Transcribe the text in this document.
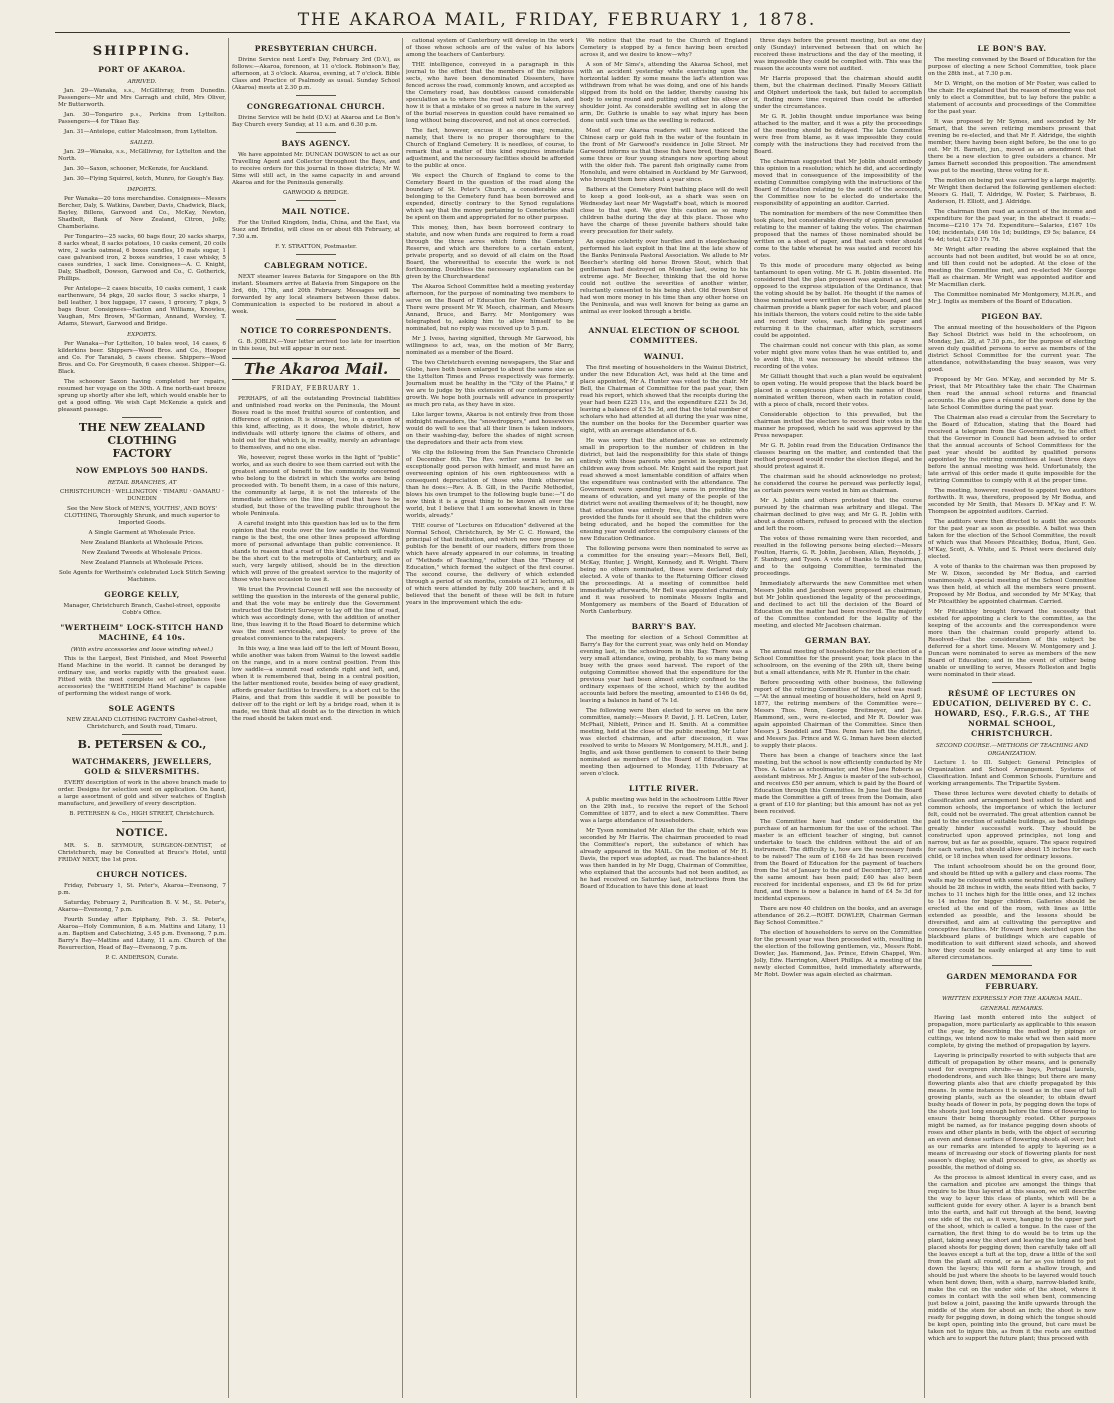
THE AKAROA MAIL, FRIDAY, FEBRUARY 1, 1878.
SHIPPING.
PORT OF AKAROA.
ARRIVED.

Jan. 29—Wanaka, s.s., McGillivray, from Dunedin. Passengers—Mr and Mrs Carragh and child, Mrs Oliver, Mr Butterworth.

Jan. 30—Tongariro p.s., Perkins from Lyttelton. Passengers—4 for Tikao Bay.

Jan. 31—Antelope, cutter Malcolmson, from Lyttelton.

SAILED.

Jan. 29—Wanaka, s.s., McGillivray, for Lyttelton and the North.

Jan. 30—Saxon, schooner, McKenzie, for Auckland.

Jan. 30—Flying Squirrel, ketch, Munro, for Gough's Bay.

IMPORTS.

Per Wanaka—20 tons merchandise. Consignees—Messrs Bercher, Daly, S. Watkins, Dawber, Davis, Chadwick, Black, Bayley, Billens, Garwood and Co., McKay, Newton, Shadbolt, Bank of New Zealand, Citron, Jolly, Chamberlaine.

Per Tongariro—25 sacks, 60 bags flour, 20 sacks sharps, 8 sacks wheat, 8 sacks potatoes, 10 casks cement, 20 coils wire, 2 sacks oatmeal, 6 boxes candles, 10 mats sugar, 1 case galvanised iron, 2 boxes sundries, 1 case whisky, 5 cases sundries, 1 sack lime. Consignees—A. C. Knight, Daly, Shadbolt, Dowson, Garwood and Co., C. Gotherick, Phillips.

Per Antelope—2 cases biscuits, 10 casks cement, 1 cask earthenware, 54 pkgs, 20 sacks flour, 3 sacks sharps, 1 bell leather, 1 box luggage, 17 cases, 1 grocery, 7 pkgs, 5 bags flour. Consignees—Saxton and Williams, Knowles, Vaughan, Mrs Brown, M'Gorman, Annand, Worsley, T. Adams, Stewart, Garwood and Bridge.

EXPORTS.

Per Wanaka—For Lyttelton, 10 bales wool, 14 cases, 6 kilderkins beer. Shippers—Wood Bros. and Co., Hooper and Co. For Taranaki, 5 cases cheese. Shippers—Wood Bros. and Co. For Greymouth, 6 cases cheese. Shipper—G. Black.

The schooner Saxon having completed her repairs, resumed her voyage on the 30th. A fine north-east breeze sprung up shortly after she left, which would enable her to get a good offing. We wish Capt McKenzie a quick and pleasant passage.

THE NEW ZEALAND CLOTHING
FACTORY
NOW EMPLOYS 500 HANDS.
RETAIL BRANCHES, AT

CHRISTCHURCH · WELLINGTON · TIMARU · OAMARU · DUNEDIN

See the New Stock of MEN'S, YOUTHS', AND BOYS' CLOTHING, Thoroughly Shrunk, and much superior to Imported Goods.

A Single Garment at Wholesale Price.

New Zealand Blankets at Wholesale Prices.

New Zealand Tweeds at Wholesale Prices.

New Zealand Flannels at Wholesale Prices.

Sole Agents for Wertheim's celebrated Lock Stitch Sewing Machines.

GEORGE KELLY,

Manager, Christchurch Branch, Cashel-street, opposite Cobb's Office.

"WERTHEIM" LOCK-STITCH HAND MACHINE, £4 10s.
(With extra accessories and loose winding wheel.)

This is the Largest, Best Finished, and Most Powerful Hand Machine in the world. It cannot be deranged by ordinary use, and works rapidly with the greatest ease. Fitted with the most complete set of appliances (see accessories) the "WERTHEIM Hand Machine" is capable of performing the widest range of work.

SOLE AGENTS

NEW ZEALAND CLOTHING FACTORY Cashel-street, Christchurch, and South road, Timaru.

B. PETERSEN & CO.,
WATCHMAKERS, JEWELLERS, GOLD & SILVERSMITHS.

EVERY description of work in the above branch made to order. Designs for selection sent on application. On hand, a large assortment of gold and silver watches of English manufacture, and jewellery of every description.

B. PETERSEN & Co., HIGH STREET, Christchurch.

NOTICE.

MR. S. B. SEYMOUR, SURGEON-DENTIST, of Christchurch, may be Consulted at Bruce's Hotel, until FRIDAY NEXT, the 1st prox.

CHURCH NOTICES.

Friday, February 1, St. Peter's, Akaroa—Evensong, 7 p.m.

Saturday, February 2, Purification B. V. M., St. Peter's, Akaroa—Evensong, 7 p.m.

Fourth Sunday after Epiphany, Feb. 3. St. Peter's, Akaroa—Holy Communion, 8 a.m. Mattins and Litany, 11 a.m. Baptism and Catechizing, 3.45 p.m. Evensong, 7 p.m. Barry's Bay—Mattins and Litany, 11 a.m. Church of the Resurrection, Head of Bay—Evensong, 7 p.m.

P. C. ANDERSON, Curate.

PRESBYTERIAN CHURCH.

Divine Service next Lord's Day, February 3rd (D.V.), as follows:—Akaroa, forenoon, at 11 o'clock. Robinson's Bay, afternoon, at 3 o'clock. Akaroa, evening, at 7 o'clock. Bible Class and Practice of Psalmody as usual. Sunday School (Akaroa) meets at 2.30 p.m.

CONGREGATIONAL CHURCH.

Divine Service will be held (D.V.) at Akaroa and Le Bon's Bay Church every Sunday, at 11 a.m. and 6.30 p.m.

BAYS AGENCY.

We have appointed Mr. DUNCAN DOWSON to act as our Travelling Agent and Collector throughout the Bays, and to receive orders for this journal in those districts; Mr W. Sims will still act, in the same capacity in and around Akaroa and for the Peninsula generally.

GARWOOD & BRIDGE.

MAIL NOTICE.

For the United Kingdom, India, China, and the East, via Suez and Brindisi, will close on or about 6th February, at 7.30 a.m.

F. Y. STRATTON, Postmaster.

CABLEGRAM NOTICE.

NEXT steamer leaves Batavia for Singapore on the 8th instant. Steamers arrive at Batavia from Singapore on the 3rd, 6th, 17th, and 20th February. Messages will be forwarded by any local steamers between these dates. Communication is expected to be restored in about a week.

NOTICE TO CORRESPONDENTS.

G. B. JOBLIN.—Your letter arrived too late for insertion in this issue, but will appear in our next.

The Akaroa Mail.
FRIDAY, FEBRUARY 1.

PERHAPS, of all the outstanding Provincial liabilities and unfinished road works on the Peninsula, the Mount Bossu road is the most fruitful source of contention, and difference of opinion. It is strange, too, in a question of this kind, affecting, as it does, the whole district, how individuals will utterly ignore the claims of others, and hold out for that which is, in reality, merely an advantage to themselves, and no one else.

We, however, regret these works in the light of "public" works, and as such desire to see them carried out with the greatest amount of benefit to the community concerned who belong to the district in which the works are being proceeded with. To benefit them, in a case of this nature, the community at large, it is not the interests of the immediate settlers on the line of road that have to be studied, but those of the travelling public throughout the whole Peninsula.

A careful insight into this question has led us to the firm opinion that the route over the low saddle in the Wainui range is the best, the one other lines proposed affording more of personal advantage than public convenience. It stands to reason that a road of this kind, which will really be the short cut to the metropolis of Canterbury, and as such, very largely utilised, should be in the direction which will prove of the greatest service to the majority of those who have occasion to use it.

We trust the Provincial Council will see the necessity of settling the question in the interests of the general public, and that the vote may be entirely due the Government instructed the District Surveyor to lay off the line of road, which was accordingly done, with the addition of another line, thus leaving it to the Road Board to determine which was the most serviceable, and likely to prove of the greatest convenience to the ratepayers.

In this way, a line was laid off to the left of Mount Bossu, while another was taken from Wainui to the lowest saddle on the range, and in a more central position. From this low saddle—a summit road extends right and left, and, when it is remembered that, being in a central position, the latter mentioned route, besides being of easy gradient, affords greater facilities to travellers, is a short cut to the Plains, and that from this saddle it will be possible to deliver off to the right or left by a bridge road, when it is made, we think that all doubt as to the direction in which the road should be taken must end.

cational system of Canterbury will develop in the work of those whose schools are of the value of his labors among the teachers of Canterbury.

THE intelligence, conveyed in a paragraph in this journal to the effect that the members of the religious sects, who have been denominated Dissenters, have fenced across the road, commonly known, and accepted as the Cemetery road, has doubtless caused considerable speculation as to where the road will now be taken, and how it is that a mistake of so gross a nature in the survey of the burial reserves in question could have remained so long without being discovered, and not at once corrected.

The fact, however, excuse it as one may, remains, namely, that there is no proper thoroughfare to the Church of England Cemetery. It is needless, of course, to remark that a matter of this kind requires immediate adjustment, and the necessary facilities should be afforded to the public at once.

We expect the Church of England to come to the Cemetery Board in the question of the road along the boundary of St. Peter's Church, a considerable area belonging to the Cemetery fund has been borrowed and expended, directly contrary to the Synod regulations which say that the money pertaining to Cemeteries shall be spent on them and appropriated for no other purpose.

This money, then, has been borrowed contrary to statute, and now when funds are required to form a road through the three acres which form the Cemetery Reserve, and which are therefore to a certain extent, private property, and so devoid of all claim on the Road Board, the wherewithal to execute the work is not forthcoming. Doubtless the necessary explanation can be given by the Churchwardens!

The Akaroa School Committee held a meeting yesterday afternoon, for the purpose of nominating two members to serve on the Board of Education for North Canterbury. There were present Mr W. Meech, chairman, and Messrs Annand, Bruce, and Barry. Mr Montgomery was telegraphed to, asking him to allow himself to be nominated, but no reply was received up to 5 p.m.

Mr J. Ivess, having signified, through Mr Garwood, his willingness to act, was, on the motion of Mr Barry, nominated as a member of the Board.

The two Christchurch evening newspapers, the Star and Globe, have both been enlarged to about the same size as the Lyttelton Times and Press respectively was formerly. Journalism must be healthy in the "City of the Plains," if we are to judge by this extension of our contemporaries' growth. We hope both journals will advance in prosperity as much pro rata, as they have in size.

Like larger towns, Akaroa is not entirely free from those midnight marauders, the "snowdroppers," and housewives would do well to see that all their linen is taken indoors, on their washing-day, before the shades of night screen the depredators and their acts from view.

We clip the following from the San Francisco Chronicle of December 6th. The Rev. writer seems to be an exceptionally good person with himself, and must have an overweening opinion of his own righteousness with a consequent depreciation of those who think otherwise than he does:—Rev. A. B. Gill, in the Pacific Methodist, blows his own trumpet to the following bugle tune:—"I do now think it is a great thing to be known all over the world, but I believe that I am somewhat known in three worlds, already."

THE course of "Lectures on Education" delivered at the Normal School, Christchurch, by Mr C. C. Howard, the principal of that institution, and which we now propose to publish for the benefit of our readers, differs from those which have already appeared in our columns, in treating of "Methods of Teaching," rather than the "Theory of Education," which formed the subject of the first course. The second course, the delivery of which extended through a period of six months, consists of 21 lectures, all of which were attended by fully 200 teachers, and it is believed that the benefit of these will be felt in future years in the improvement which the edu-

We notice that the road to the Church of England Cemetery is stopped by a fence having been erected across it, and we desire to know—why?

A son of Mr Sims's, attending the Akaroa School, met with an accident yesterday while exercising upon the horizontal ladder. By some means the lad's attention was withdrawn from what he was doing, and one of his hands slipped from its hold on the ladder, thereby causing his body to swing round and putting out either his elbow or shoulder joint. As considerable swelling set in along the arm, Dr. Guthrie is unable to say what injury has been done until such time as the swelling is reduced.

Most of our Akaroa readers will have noticed the Chinese carp or gold fish in the water of the fountain in the front of Mr Garwood's residence in Jolie Street. Mr Garwood informs us that these fish have bred, there being some three or four young strangers now sporting about with the older fish. The parent fish originally came from Honolulu, and were obtained in Auckland by Mr Garwood, who brought them here about a year since.

Bathers at the Cemetery Point bathing place will do well to keep a good look-out, as a shark was seen on Wednesday last near Mr Wagstaff's boat, which is moored close to that spot. We give this caution as so many children bathe during the day at this place. Those who have the charge of these juvenile bathers should take every precaution for their safety.

An equine celebrity over hurdles and in steeplechasing performed his last exploit in that line at the late show of the Banks Peninsula Pastoral Association. We allude to Mr Beecher's sterling old horse Brown Stout, which that gentleman had destroyed on Monday last, owing to his extreme age. Mr Beecher, thinking that the old horse could not outlive the severities of another winter, reluctantly consented to his being shot. Old Brown Stout had won more money in his time than any other horse on the Peninsula, and was well known for being as game an animal as ever looked through a bridle.

ANNUAL ELECTION OF SCHOOL COMMITTEES.
WAINUI.

The first meeting of householders in the Wainui District, under the new Education Act, was held at the time and place appointed, Mr A. Hunter was voted to the chair. Mr Bell, the Chairman of Committee for the past year, then read his report, which showed that the receipts during the year had been £225 11s, and the expenditure £221 5s 3d, leaving a balance of £3 5s 3d, and that the total number of scholars who had attended at all during the year was nine, the number on the books for the December quarter was eight, with an average attendance of 6.6.

He was sorry that the attendance was so extremely small in proportion to the number of children in the district, but laid the responsibility for this state of things entirely with those parents who persist in keeping their children away from school. Mr. Knight said the report just read showed a most lamentable condition of affairs when the expenditure was contrasted with the attendance. The Government were spending large sums in providing the means of education, and yet many of the people of the district were not availing themselves of it; he thought, now that education was entirely free, that the public who provided the funds for it should see that the children were being educated, and he hoped the committee for the ensuing year would enforce the compulsory clauses of the new Education Ordinance.

The following persons were then nominated to serve as a committee for the ensuing year:—Messrs Bell, Bell, McKay, Hunter, J. Wright, Kennedy, and R. Wright. There being no others nominated, these were declared duly elected. A vote of thanks to the Returning Officer closed the proceedings. At a meeting of committee held immediately afterwards, Mr Bell was appointed chairman, and it was resolved to nominate Messrs Inglis and Montgomery as members of the Board of Education of North Canterbury.

BARRY'S BAY.

The meeting for election of a School Committee at Barry's Bay for the current year, was only held on Monday evening last, in the schoolroom in this Bay. There was a very small attendance, owing, probably, to so many being busy with the grass seed harvest. The report of the outgoing Committee showed that the expenditure for the previous year had been almost entirely confined to the ordinary expenses of the school, which by the audited accounts laid before the meeting, amounted to £146 0s 6d, leaving a balance in hand of 7s 1d.

The following were then elected to serve on the new committee, namely:—Messrs P. David, J. H. LeCren, Luter, McPhail, Niblett, Prince and H. Smith. At a committee meeting, held at the close of the public meeting, Mr Luter was elected chairman, and after discussion, it was resolved to write to Messrs W. Montgomery, M.H.R., and J. Inglis, and ask those gentlemen to consent to their being nominated as members of the Board of Education. The meeting then adjourned to Monday, 11th February at seven o'clock.

LITTLE RIVER.

A public meeting was held in the schoolroom Little River on the 29th inst., to receive the report of the School Committee of 1877, and to elect a new Committee. There was a large attendance of householders.

Mr Tyson nominated Mr Allan for the chair, which was seconded by Mr Harris. The chairman proceeded to read the Committee's report, the substance of which has already appeared in the MAIL. On the motion of Mr H. Davis, the report was adopted, as read. The balance-sheet was then handed in by Mr Dugg, Chairman of Committee, who explained that the accounts had not been audited, as he had received on Saturday last, instructions from the Board of Education to have this done at least

three days before the present meeting, but as one day only (Sunday) intervened between that on which he received these instructions and the day of the meeting, it was impossible they could be complied with. This was the reason the accounts were not audited.

Mr Harris proposed that the chairman should audit them, but the chairman declined. Finally Messrs Gilliatt and Olphert undertook the task, but failed to accomplish it, finding more time required than could be afforded under the circumstances.

Mr G. R. Joblin thought undue importance was being attached to the matter, and it was a pity the proceedings of the meeting should be delayed. The late Committee were free from blame, as it was impossible they could comply with the instructions they had received from the Board.

The chairman suggested that Mr Joblin should embody this opinion in a resolution; which he did, and accordingly moved that in consequence of the impossibility of the existing Committee complying with the instructions of the Board of Education relating to the audit of the accounts, the Committee now to be elected do undertake the responsibility of appointing an auditor. Carried.

The nomination for members of the new Committee then took place, but considerable diversity of opinion prevailed relating to the manner of taking the votes. The chairman proposed that the names of those nominated should be written on a sheet of paper, and that each voter should come to the table whereat he was seated and record his votes.

To this mode of procedure many objected as being tantamount to open voting. Mr G. R. Joblin dissented. He considered that the plan proposed was against as it was opposed to the express stipulation of the Ordinance, that the voting should be by ballot. He thought if the names of those nominated were written on the black board, and the chairman provide a blank paper for each voter, and placed his initials thereon, the voters could retire to the side table and record their votes, each folding his paper and returning it to the chairman, after which, scrutineers could be appointed.

The chairman could not concur with this plan, as some voter might give more votes than he was entitled to, and to avoid this, it was necessary he should witness the recording of the votes.

Mr Gilliatt thought that such a plan would be equivalent to open voting. He would propose that the black board be placed in a conspicuous place with the names of those nominated written thereon, when each in rotation could, with a piece of chalk, record their votes.

Considerable objection to this prevailed, but the chairman invited the electors to record their votes in the manner he proposed, which he said was approved by the Press newspaper.

Mr G. R. Joblin read from the Education Ordinance the clauses bearing on the matter, and contended that the method proposed would render the election illegal, and he should protest against it.

The chairman said he should acknowledge no protest; he considered the course he persued was perfectly legal, as certain powers were vested in him as chairman.

Mr A. Joblin and others protested that the course pursued by the chairman was arbitrary and illegal. The chairman declined to give way, and Mr G. R. Joblin with about a dozen others, refused to proceed with the election and left the room.

The votes of those remaining were then recorded, and resulted in the following persons being elected:—Messrs Foulton, Harris, G. R. Joblin, Jacobsen, Allan, Reynolds, J. F. Stanbury, and Tyson. A vote of thanks to the chairman, and to the outgoing Committee, terminated the proceedings.

Immediately afterwards the new Committee met when Messrs Joblin and Jacobson were proposed as chairman, but Mr Joblin questioned the legality of the proceedings, and declined to act till the decision of the Board of Education on the matter had been received. The majority of the Committee contended for the legality of the meeting, and elected Mr Jacobsen chairman.

GERMAN BAY.

The annual meeting of householders for the election of a School Committee for the present year, took place in the schoolroom, on the evening of the 29th ult, there being but a small attendance, with Mr R. Hunter in the chair.

Before proceeding with other business, the following report of the retiring Committee of the school was read:—"At the annual meeting of householders, held on April 9, 1877, the retiring members of the Committee were—Messrs Thos. Penn, George Breitmeyer, and Jas. Hammond, sen., were re-elected, and Mr R. Dowler was again appointed Chairman of the Committee. Since then Messrs J. Snoddell and Thos. Penn have left the district, and Messrs Jas. Prince and W. G. Inman have been elected to supply their places.

There has been a change of teachers since the last meeting, but the school is now efficiently conducted by Mr Thos. A. Gates as schoolmaster, and Miss Jane Roberts as assistant mistress. Mr J. Angus is master of the sub-school, and receives £50 per annum, which is paid by the Board of Education through this Committee. In June last the Board made the Committee a gift of trees from the Domain, also a grant of £10 for planting; but this amount has not as yet been received.

The Committee have had under consideration the purchase of an harmonium for the use of the school. The master is an efficient teacher of singing, but cannot undertake to teach the children without the aid of an instrument. The difficulty is, how are the necessary funds to be raised? The sum of £168 4s 2d has been received from the Board of Education for the payment of teachers from the 1st of January to the end of December, 1877, and the same amount has been paid; £40 has also been received for incidental expenses, and £5 9s 6d for prize fund, and there is now a balance in hand of £4 5s 3d for incidental expenses.

There are now 40 children on the books, and an average attendance of 26.2.—ROBT. DOWLER, Chairman German Bay School Committee."

The election of householders to serve on the Committee for the present year was then proceeded with, resulting in the election of the following gentlemen, viz., Messrs Robt. Dowler, Jas. Hammond, Jas. Prince, Edwin Chappel, Wm. Jolly, Edw. Harrington, Albert Phillips. At a meeting of the newly elected Committee, held immediately afterwards, Mr Robt. Dowler was again elected as chairman.

LE BON'S BAY.

The meeting convened by the Board of Education for the purpose of electing a new School Committee, took place on the 28th inst., at 7.30 p.m.

Mr D. Wright, on the motion of Mr Foster, was called to the chair. He explained that the reason of meeting was not only to elect a Committee, but to lay before the public a statement of accounts and proceedings of the Committee for the past year.

It was proposed by Mr Symes, and seconded by Mr Smart, that the seven retiring members present that evening be re-elected, and that Mr F. Aldridge, the eighth member, there having been eight before, be the one to go out. Mr H. Barnett, jun., moved as an amendment that there be a new election to give outsiders a chance. Mr James Barnett seconded this proposition. The amendment was put to the meeting, three voting for it.

The motion on being put was carried by a large majority. Mr Wright then declared the following gentlemen elected: Messrs G. Hall, T. Aldridge, W. Foster, S. Fairbrass, B. Anderson, H. Elliott, and J. Aldridge.

The chairman then read an account of the income and expenditure for the past year, in the abstract it reads:—Income—£210 17s 7d. Expenditure—Salaries, £167 10s 10d; incidentals, £46 16s 1d; buildings, £9 5s; balance, £4 4s 4d; total, £210 17s 7d.

Mr Wright after reading the above explained that the accounts had not been audited, but would be so at once, and till then could not be adopted. At the close of the meeting the Committee met, and re-elected Mr George Hall as chairman. Mr Wright was appointed auditor and Mr Macmillan clerk.

The Committee nominated Mr Montgomery, M.H.R., and Mr J. Inglis as members of the Board of Education.

PIGEON BAY.

The annual meeting of the householders of the Pigeon Bay School District was held in the schoolroom, on Monday, Jan. 28, at 7.30 p.m., for the purpose of electing seven duly qualified persons to serve as members of the district School Committee for the current year. The attendance, notwithstanding the busy season, was very good.

Proposed by Mr Geo. M'Kay, and seconded by Mr S. Priest, that Mr Pitcaithley take the chair. The Chairman then read the annual school returns and financial accounts. He also gave a résumé of the work done by the late School Committee during the past year.

The Chairman also read a circular from the Secretary to the Board of Education, stating that the Board had received a telegram from the Government, to the effect that the Governor in Council had been advised to order that the annual accounts of School Committees for the past year should be audited by qualified persons appointed by the retiring committees at least three days before the annual meeting was held. Unfortunately, the late arrival of this order made it quite impossible for the retiring Committee to comply with it at the proper time.

The meeting, however, resolved to appoint two auditors forthwith. It was, therefore, proposed by Mr Bodua, and seconded by Mr Smith, that Messrs D. M'Kay and F. W. Thompson be appointed auditors. Carried.

The auditors were then directed to audit the accounts for the past year as soon as possible. A ballot was then taken for the election of the School Committee, the result of which was that Messrs Pitcaithley, Bodua, Hunt, Geo. M'Kay, Scott, A. White, and S. Priest were declared duly elected.

A vote of thanks to the chairman was then proposed by Mr W. Dixon, seconded by Mr Bodua, and carried unanimously. A special meeting of the School Committee was then held, at which all the members were present. Proposed by Mr Bodua, and seconded by Mr M'Kay, that Mr Pitcaithley be appointed chairman. Carried.

Mr Pitcaithley brought forward the necessity that existed for appointing a clerk to the committee, as the keeping of the accounts and the correspondence were more than the chairman could properly attend to. Resolved—that the consideration of this subject be deferred for a short time. Messrs W. Montgomery and J. Duncan were nominated to serve as members of the new Board of Education; and in the event of either being unable or unwilling to serve, Messrs Rolleston and Inglis were nominated in their stead.

RÉSUMÉ OF LECTURES ON EDUCATION, DELIVERED BY C. C. HOWARD, ESQ., F.R.G.S., AT THE NORMAL SCHOOL, CHRISTCHURCH.
SECOND COURSE.—METHODS OF TEACHING AND ORGANIZATION.

Lecture I. to III. Subject: General Principles of Organization and School Arrangement. Systems of Classification. Infant and Common Schools. Furniture and working arrangements. The Tripartite System.

These three lectures were devoted chiefly to details of classification and arrangement best suited to infant and common schools, the importance of which the lecturer felt, could not be overrated. The great attention cannot be paid to the erection of suitable buildings, as bad buildings greatly hinder successful work. They should be constructed upon approved principles, not long and narrow, but as far as possible, square. The space required for each varies, but should allow about 15 inches for each child, or 18 inches when used for ordinary lessons.

The infant schoolroom should be on the ground floor, and should be fitted up with a gallery and class rooms. The walls may be coloured with some neutral tint. Each gallery should be 28 inches in width, the seats fitted with backs, 7 inches to 11 inches high for the little ones, and 12 inches to 14 inches for bigger children. Galleries should be erected at the end of the room, with lines as little extended as possible, and the lessons should be diversified, and aim at cultivating the perceptive and conceptive faculties. Mr Howard here sketched upon the blackboard plans of buildings which are capable of modification to suit different sized schools, and showed how they could be easily enlarged at any time to suit altered circumstances.

GARDEN MEMORANDA FOR FEBRUARY.
WRITTEN EXPRESSLY FOR THE AKAROA MAIL.
GENERAL REMARKS.

Having last month entered into the subject of propagation, more particularly as applicable to this season of the year, by describing the method by pipings or cuttings, we intend now to make what we then said more complete, by giving the method of propagation by layers.

Layering is principally resorted to with subjects that are difficult of propagation by other means, and is generally used for evergreen shrubs—as bays, Portugal laurels, rhododendrons, and such like things; but there are many flowering plants also that are chiefly propagated by this means. In some instances it is used as in the case of tall growing plants, such as the oleander, to obtain dwarf bushy heads of flower in pots, by pegging down the tops of the shoots just long enough before the time of flowering to ensure their being thoroughly rooted. Other purposes might be named, as for instance pegging down shoots of roses and other plants in beds, with the object of securing an even and dense surface of flowering shoots all over; but as our remarks are intended to apply to layering as a means of increasing our stock of flowering plants for next season's display, we shall proceed to give, as shortly as possible, the method of doing so.

As the process is almost identical in every case, and as the carnation and picotee are amongst the things that require to be thus layered at this season, we will describe the way to layer this class of plants, which will be a sufficient guide for every other. A layer is a branch bent into the earth, and half cut through at the bend, leaving one side of the cut, as it were, hanging to the upper part of the shoot, which is called a tongue. In the case of the carnation, the first thing to do would be to trim up the plant, taking away the short and leaving the long and best placed shoots for pegging down; then carefully take off all the leaves except a tuft at the top, draw a little of the soil from the plant all round, or as far as you intend to put down the layers; this will form a shallow trough, and should be just where the shoots to be layered would touch when bent down; then, with a sharp, narrow-bladed knife, make the cut on the under side of the shoot, where it comes in contact with the soil when bent, commencing just below a joint, passing the knife upwards through the middle of the stem for about an inch; the shoot is now ready for pegging down, in doing which the tongue should be kept open, pointing into the ground, but care must be taken not to injure this, as from it the roots are emitted which are to support the future plant; thus proceed with
